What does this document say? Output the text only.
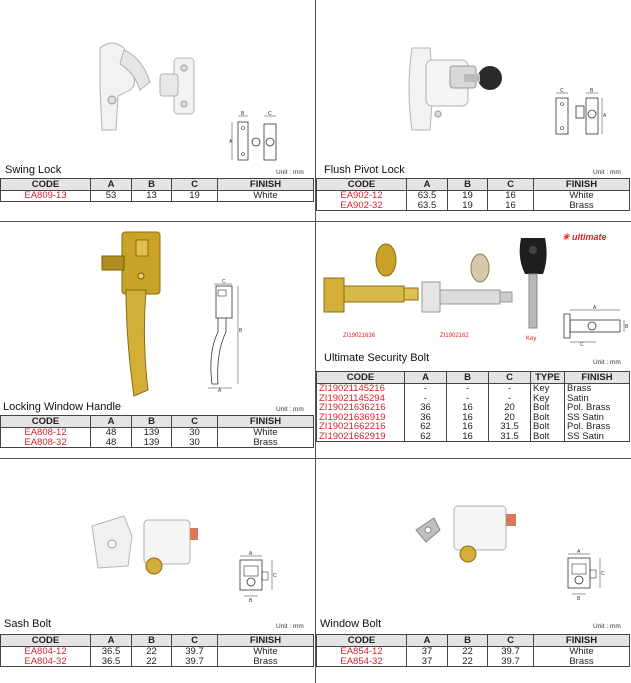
A
B	C
Swing Lock	Unit : mm
CODE	A	B	C	FINISH
EA809-13	53	13	19	White
A
B
C
Flush Pivot Lock	Unit : mm
CODE	A	B	C	FINISH
EA902-12	63.5	19	16	White
EA902-32	63.5	19	16	Brass
B
A
C
Locking Window Handle	Unit : mm
CODE	A	B	C	FINISH
EA808-12	48	139	30	White
EA808-32	48	139	30	Brass
✳ ultimate
ZI19021636	ZI1902162	Key
A
B
C
Ultimate Security Bolt	Unit : mm
CODE	A	B	C	TYPE	FINISH
ZI19021145216	-	-	-	Key	Brass
ZI19021145294	-	-	-	Key	Satin
ZI19021636216	36	16	20	Bolt	Pol. Brass
ZI19021636919	36	16	20	Bolt	SS Satin
ZI19021662216	62	16	31.5	Bolt	Pol. Brass
ZI19021662919	62	16	31.5	Bolt	SS Satin
A
C
B
Sash Bolt	Unit : mm
CODE	A	B	C	FINISH
EA804-12	36.5	22	39.7	White
EA804-32	36.5	22	39.7	Brass
A
C
B
Window Bolt	Unit : mm
CODE	A	B	C	FINISH
EA854-12	37	22	39.7	White
EA854-32	37	22	39.7	Brass
